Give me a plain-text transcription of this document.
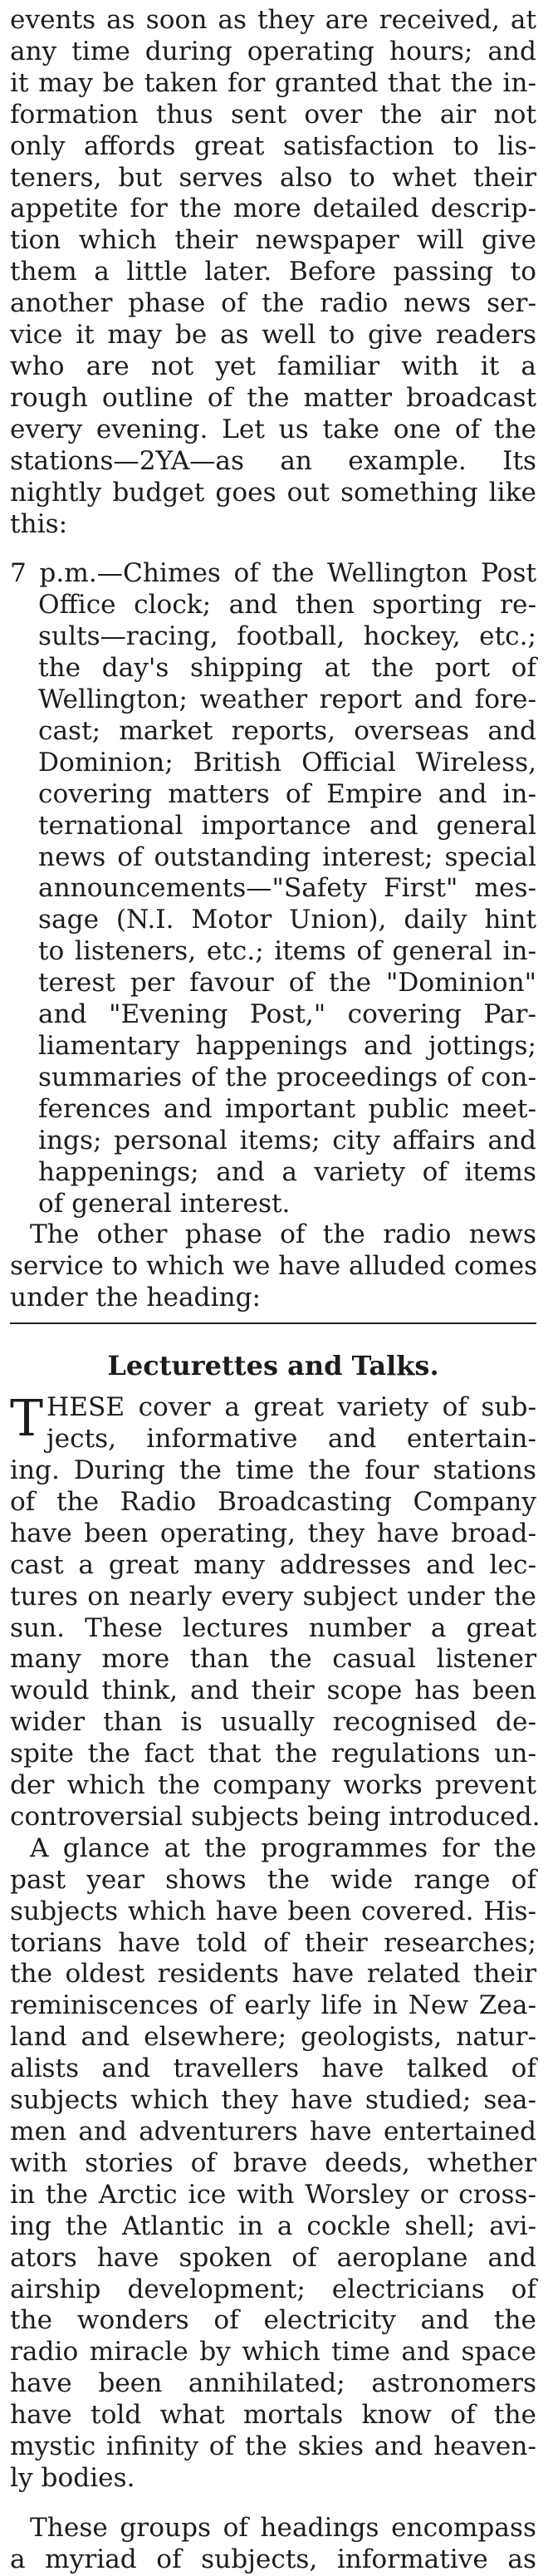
events as soon as they are received, at
any time during operating hours; and
it may be taken for granted that the in-
formation thus sent over the air not
only affords great satisfaction to lis-
teners, but serves also to whet their
appetite for the more detailed descrip-
tion which their newspaper will give
them a little later. Before passing to
another phase of the radio news ser-
vice it may be as well to give readers
who are not yet familiar with it a
rough outline of the matter broadcast
every evening. Let us take one of the
stations—2YA—as an example. Its
nightly budget goes out something like
this:
7 p.m.—Chimes of the Wellington Post
Office clock; and then sporting re-
sults—racing, football, hockey, etc.;
the day's shipping at the port of
Wellington; weather report and fore-
cast; market reports, overseas and
Dominion; British Official Wireless,
covering matters of Empire and in-
ternational importance and general
news of outstanding interest; special
announcements—"Safety First" mes-
sage (N.I. Motor Union), daily hint
to listeners, etc.; items of general in-
terest per favour of the "Dominion"
and "Evening Post," covering Par-
liamentary happenings and jottings;
summaries of the proceedings of con-
ferences and important public meet-
ings; personal items; city affairs and
happenings; and a variety of items
of general interest.
The other phase of the radio news
service to which we have alluded comes
under the heading:
Lecturettes and Talks.
T HESE cover a great variety of sub-
jects, informative and entertain-
ing. During the time the four stations
of the Radio Broadcasting Company
have been operating, they have broad-
cast a great many addresses and lec-
tures on nearly every subject under the
sun. These lectures number a great
many more than the casual listener
would think, and their scope has been
wider than is usually recognised de-
spite the fact that the regulations un-
der which the company works prevent
controversial subjects being introduced.
A glance at the programmes for the
past year shows the wide range of
subjects which have been covered. His-
torians have told of their researches;
the oldest residents have related their
reminiscences of early life in New Zea-
land and elsewhere; geologists, natur-
alists and travellers have talked of
subjects which they have studied; sea-
men and adventurers have entertained
with stories of brave deeds, whether
in the Arctic ice with Worsley or cross-
ing the Atlantic in a cockle shell; avi-
ators have spoken of aeroplane and
airship development; electricians of
the wonders of electricity and the
radio miracle by which time and space
have been annihilated; astronomers
have told what mortals know of the
mystic infinity of the skies and heaven-
ly bodies.
These groups of headings encompass
a myriad of subjects, informative as
